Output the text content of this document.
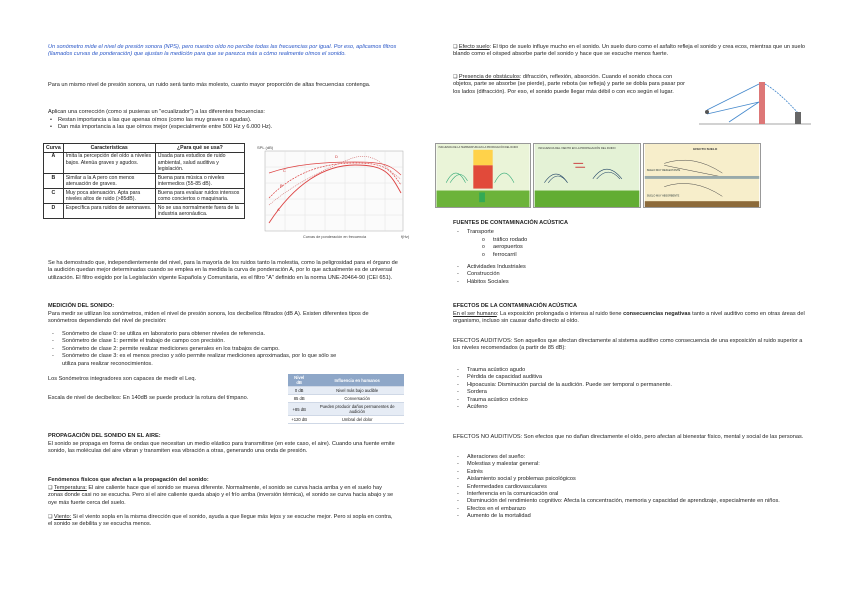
Un sonómetro mide el nivel de presión sonora (NPS), pero nuestro oído no percibe todas las frecuencias por igual. Por eso, aplicamos filtros (llamados curvas de ponderación) que ajustan la medición para que se parezca más a cómo realmente oímos el sonido.

Para un mismo nivel de presión sonora, un ruido será tanto más molesto, cuanto mayor proporción de altas frecuencias contenga.

Aplican una corrección (como si pusieras un "ecualizador") a las diferentes frecuencias:

• Restan importancia a las que apenas oímos (como las muy graves o agudas).
• Dan más importancia a las que oímos mejor (especialmente entre 500 Hz y 6.000 Hz).
Curva	Características	¿Para qué se usa?
A	Imita la percepción del oído a niveles bajos. Atenúa graves y agudos.	Usada para estudios de ruido ambiental, salud auditiva y legislación.
B	Similar a la A pero con menos atenuación de graves.	Buena para música o niveles intermedios (55-85 dB).
C	Muy poca atenuación. Apta para niveles altos de ruido (>85dB).	Buena para evaluar ruidos intensos como conciertos o maquinaria.
D	Específica para ruidos de aeronaves.	No se usa normalmente fuera de la industria aeronáutica.
SPL (dB)
A
B
C
D
Curvas de ponderación en frecuencia	f(Hz)

Se ha demostrado que, independientemente del nivel, para la mayoría de los ruidos tanto la molestia, como la peligrosidad para el órgano de la audición quedan mejor determinadas cuando se emplea en la medida la curva de ponderación A, por lo que actualmente es de universal utilización. El filtro exigido por la Legislación vigente Española y Comunitaria, es el filtro "A" definido en la norma UNE-20464-90 (CEI 651).

MEDICIÓN DEL SONIDO:

Para medir se utilizan los sonómetros, miden el nivel de presión sonora, los decibelios filtrados (dB A). Existen diferentes tipos de sonómetros dependiendo del nivel de precisión:

- Sonómetro de clase 0: se utiliza en laboratorio para obtener niveles de referencia.
- Sonómetro de clase 1: permite el trabajo de campo con precisión.
- Sonómetro de clase 2: permite realizar mediciones generales en los trabajos de campo.
- Sonómetro de clase 3: es el menos preciso y sólo permite realizar mediciones aproximadas, por lo que sólo se utiliza para realizar reconocimientos.

Los Sonómetros integradores son capaces de medir el Leq.

Escala de nivel de decibelios: En 140dB se puede producir la rotura del tímpano.

Nivel dB	Influencia en humanos
0 dB	Nivel más bajo audible
85 dB	Conversación
+85 dB	Pueden producir daños permanentes de audición
+120 dB	Umbral del dolor

PROPAGACIÓN DEL SONIDO EN EL AIRE:

El sonido se propaga en forma de ondas que necesitan un medio elástico para transmitirse (en este caso, el aire). Cuando una fuente emite sonido, las moléculas del aire vibran y transmiten esa vibración a otras, generando una onda de presión.

Fenómenos físicos que afectan a la propagación del sonido:

❑ Temperatura: El aire caliente hace que el sonido se mueva diferente. Normalmente, el sonido se curva hacia arriba y en el suelo hay zonas donde casi no se escucha. Pero si el aire caliente queda abajo y el frío arriba (inversión térmica), el sonido se curva hacia abajo y se oye más fuerte cerca del suelo.

❑ Viento: Si el viento sopla en la misma dirección que el sonido, ayuda a que llegue más lejos y se escuche mejor. Pero si sopla en contra, el sonido se debilita y se escucha menos.

❑ Efecto suelo: El tipo de suelo influye mucho en el sonido. Un suelo duro como el asfalto refleja el sonido y crea ecos, mientras que un suelo blando como el césped absorbe parte del sonido y hace que se escuche menos fuerte.

❑ Presencia de obstáculos: difracción, reflexión, absorción. Cuando el sonido choca con objetos, parte se absorbe (se pierde), parte rebota (se refleja) y parte se dobla para pasar por los lados (difracción). Por eso, el sonido puede llegar más débil o con eco según el lugar.

INFLUENCIA DE LA TEMPERATURA EN LA PROPAGACIÓN DEL RUIDO	INFLUENCIA DEL VIENTO EN LA PROPAGACIÓN DEL RUIDO	EFECTO SUELO
SUELO MUY REFLECTANTE
SUELO MUY ABSORBENTE

FUENTES DE CONTAMINACIÓN ACÚSTICA

- Transporte
o tráfico rodado
o aeropuertos
o ferrocarril
- Actividades Industriales
- Construcción
- Hábitos Sociales

EFECTOS DE LA CONTAMINACIÓN ACÚSTICA

En el ser humano: La exposición prolongada o intensa al ruido tiene consecuencias negativas tanto a nivel auditivo como en otras áreas del organismo, incluso sin causar daño directo al oído.

EFECTOS AUDITIVOS: Son aquellos que afectan directamente al sistema auditivo como consecuencia de una exposición al ruido superior a los niveles recomendados (a partir de 85 dB):

- Trauma acústico agudo
- Pérdida de capacidad auditiva
- Hipoacusia: Disminución parcial de la audición. Puede ser temporal o permanente.
- Sordera
- Trauma acústico crónico
- Acúfeno

EFECTOS NO AUDITIVOS: Son efectos que no dañan directamente el oído, pero afectan al bienestar físico, mental y social de las personas.

- Alteraciones del sueño:
- Molestias y malestar general:
- Estrés
- Aislamiento social y problemas psicológicos
- Enfermedades cardiovasculares
- Interferencia en la comunicación oral
- Disminución del rendimiento cognitivo: Afecta la concentración, memoria y capacidad de aprendizaje, especialmente en niños.
- Efectos en el embarazo
- Aumento de la mortalidad
